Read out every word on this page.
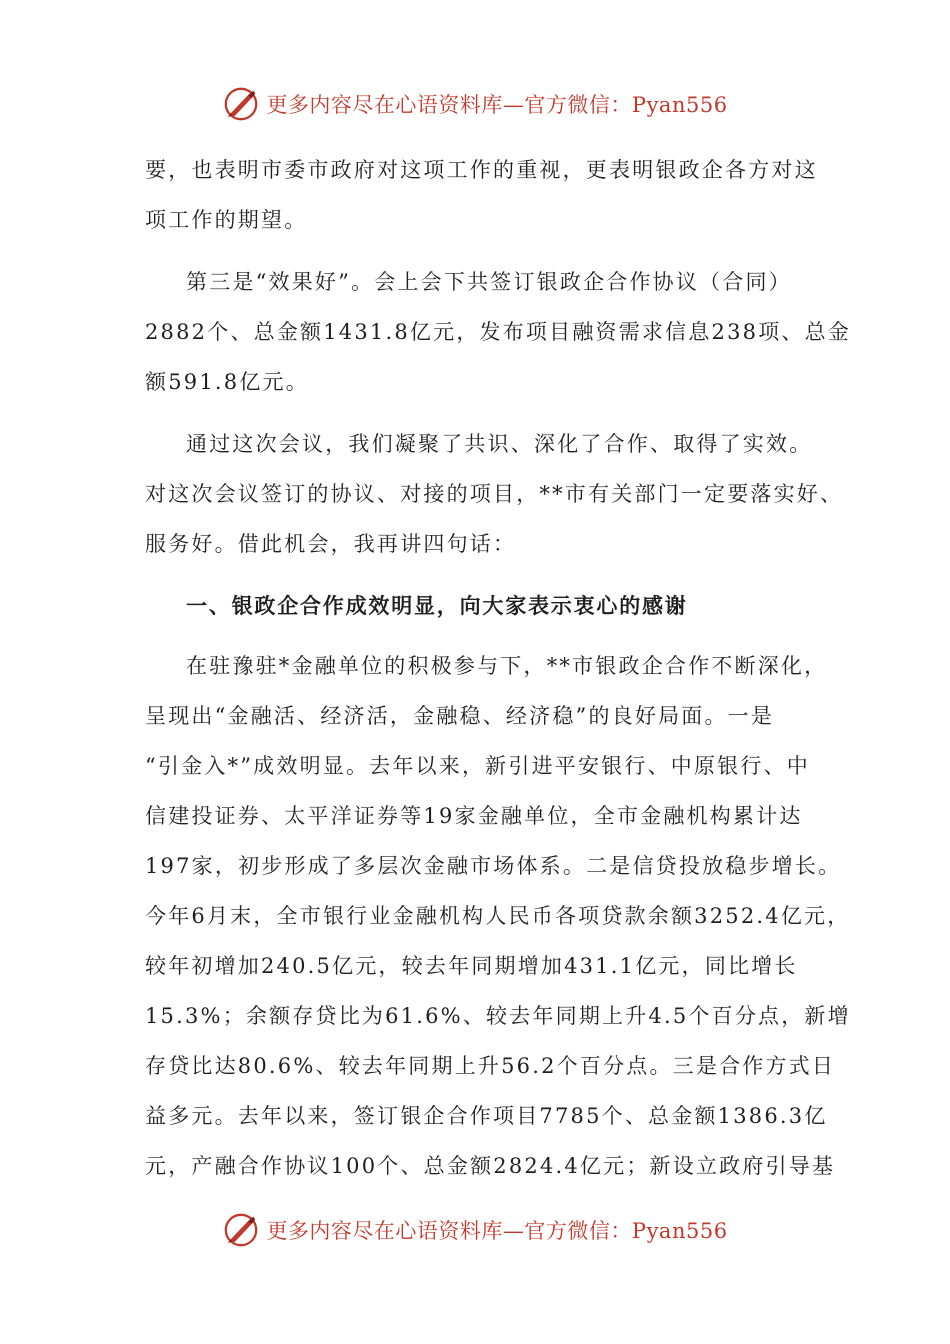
更多内容尽在心语资料库—官方微信：Pyan556
要，也表明市委市政府对这项工作的重视，更表明银政企各方对这
项工作的期望。
第三是“效果好”。会上会下共签订银政企合作协议（合同）
2882个、总金额1431.8亿元，发布项目融资需求信息238项、总金
额591.8亿元。
通过这次会议，我们凝聚了共识、深化了合作、取得了实效。
对这次会议签订的协议、对接的项目，**市有关部门一定要落实好、
服务好。借此机会，我再讲四句话：
一、银政企合作成效明显，向大家表示衷心的感谢
在驻豫驻*金融单位的积极参与下，**市银政企合作不断深化，
呈现出“金融活、经济活，金融稳、经济稳”的良好局面。一是
“引金入*”成效明显。去年以来，新引进平安银行、中原银行、中
信建投证券、太平洋证券等19家金融单位，全市金融机构累计达
197家，初步形成了多层次金融市场体系。二是信贷投放稳步增长。
今年6月末，全市银行业金融机构人民币各项贷款余额3252.4亿元，
较年初增加240.5亿元，较去年同期增加431.1亿元，同比增长
15.3%；余额存贷比为61.6%、较去年同期上升4.5个百分点，新增
存贷比达80.6%、较去年同期上升56.2个百分点。三是合作方式日
益多元。去年以来，签订银企合作项目7785个、总金额1386.3亿
元，产融合作协议100个、总金额2824.4亿元；新设立政府引导基
更多内容尽在心语资料库—官方微信：Pyan556
